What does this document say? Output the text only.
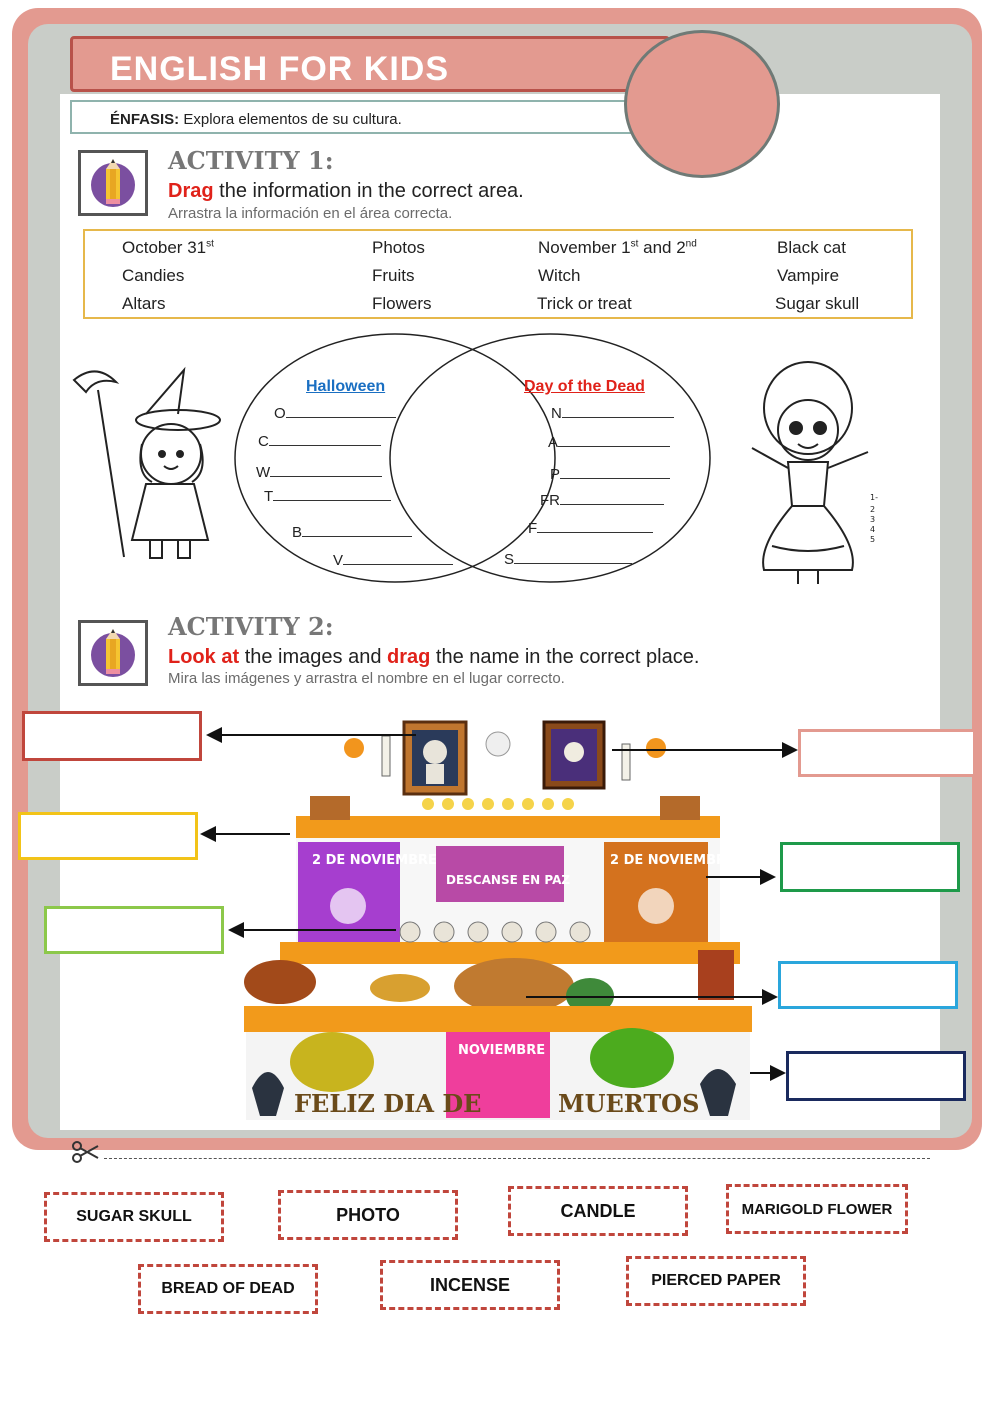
ENGLISH FOR KIDS
ÉNFASIS: Explora elementos de su cultura.
ACTIVITY 1:
Drag the information in the correct area.
Arrastra la información en el área correcta.
October 31st	Photos	November 1st and 2nd	Black cat
Candies	Fruits	Witch	Vampire
Altars	Flowers	Trick or treat	Sugar skull
Halloween	Day of the Dead
O
C
W
T
B
V
N
A
P
FR
F
S
1-
2
3
4
5
ACTIVITY 2:
Look at the images and drag the name in the correct place.
Mira las imágenes y arrastra el nombre en el lugar correcto.
2 DE NOVIEMBRE
DESCANSE EN PAZ
2 DE NOVIEMBRE
NOVIEMBRE
FELIZ DIA DE	MUERTOS
SUGAR SKULL	PHOTO	CANDLE	MARIGOLD FLOWER
BREAD OF DEAD	INCENSE	PIERCED PAPER
